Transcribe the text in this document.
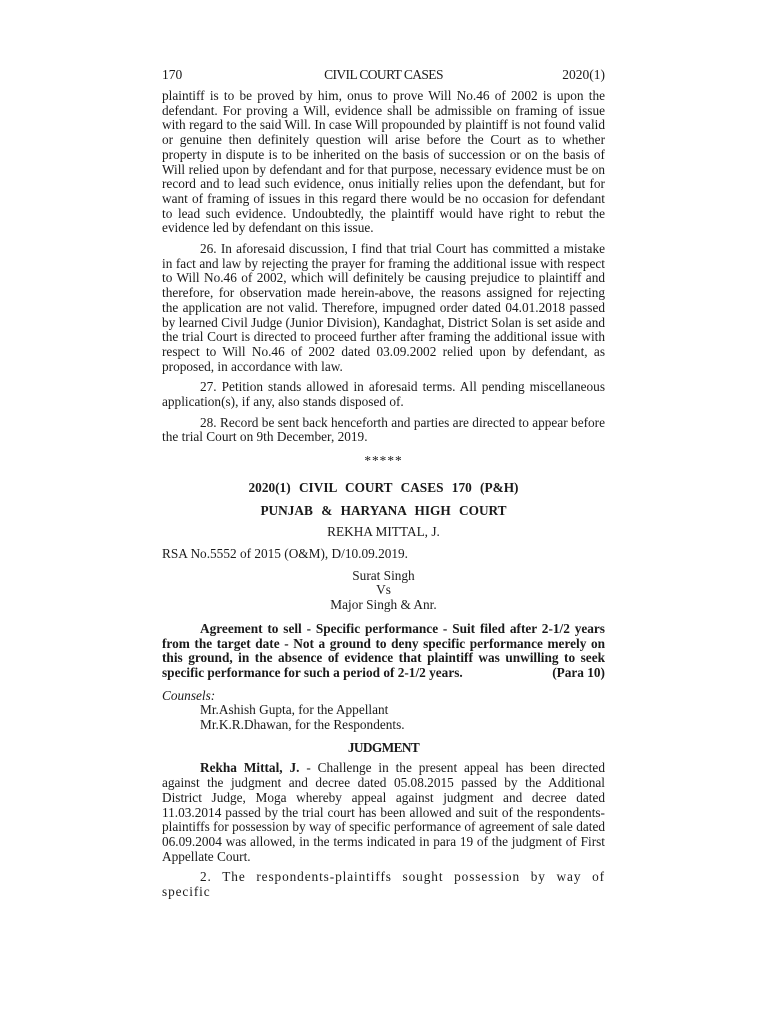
170	CIVIL COURT CASES	2020(1)

plaintiff is to be proved by him, onus to prove Will No.46 of 2002 is upon the defendant. For proving a Will, evidence shall be admissible on framing of issue with regard to the said Will. In case Will propounded by plaintiff is not found valid or genuine then definitely question will arise before the Court as to whether property in dispute is to be inherited on the basis of succession or on the basis of Will relied upon by defendant and for that purpose, necessary evidence must be on record and to lead such evidence, onus initially relies upon the defendant, but for want of framing of issues in this regard there would be no occasion for defendant to lead such evidence. Undoubtedly, the plaintiff would have right to rebut the evidence led by defendant on this issue.

26. In aforesaid discussion, I find that trial Court has committed a mistake in fact and law by rejecting the prayer for framing the additional issue with respect to Will No.46 of 2002, which will definitely be causing prejudice to plaintiff and therefore, for observation made herein-above, the reasons assigned for rejecting the application are not valid. Therefore, impugned order dated 04.01.2018 passed by learned Civil Judge (Junior Division), Kandaghat, District Solan is set aside and the trial Court is directed to proceed further after framing the additional issue with respect to Will No.46 of 2002 dated 03.09.2002 relied upon by defendant, as proposed, in accordance with law.

27. Petition stands allowed in aforesaid terms. All pending miscellaneous application(s), if any, also stands disposed of.

28. Record be sent back henceforth and parties are directed to appear before the trial Court on 9th December, 2019.

*****

2020(1) CIVIL COURT CASES 170 (P&H)

PUNJAB & HARYANA HIGH COURT

REKHA MITTAL, J.

RSA No.5552 of 2015 (O&M), D/10.09.2019.

Surat Singh
Vs
Major Singh & Anr.

Agreement to sell - Specific performance - Suit filed after 2-1/2 years from the target date - Not a ground to deny specific performance merely on this ground, in the absence of evidence that plaintiff was unwilling to seek specific performance for such a period of 2-1/2 years.	(Para 10)

Counsels:

Mr.Ashish Gupta, for the Appellant

Mr.K.R.Dhawan, for the Respondents.

JUDGMENT

Rekha Mittal, J. - Challenge in the present appeal has been directed against the judgment and decree dated 05.08.2015 passed by the Additional District Judge, Moga whereby appeal against judgment and decree dated 11.03.2014 passed by the trial court has been allowed and suit of the respondents-plaintiffs for possession by way of specific performance of agreement of sale dated 06.09.2004 was allowed, in the terms indicated in para 19 of the judgment of First Appellate Court.

2. The respondents-plaintiffs sought possession by way of specific
